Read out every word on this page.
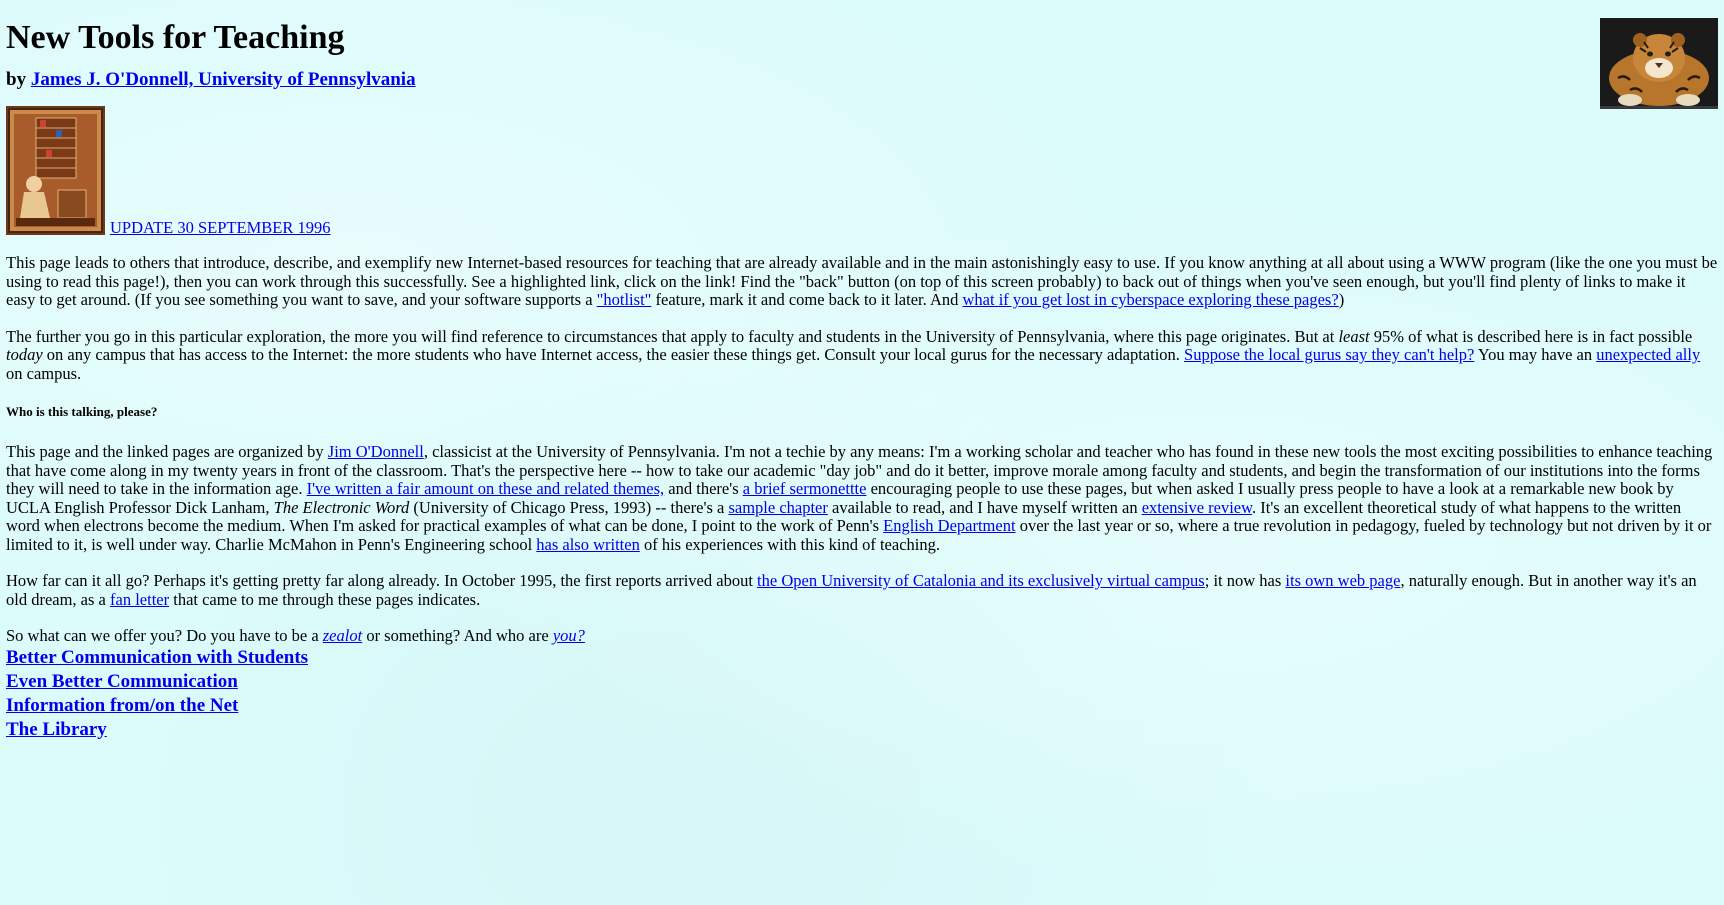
New Tools for Teaching
by James J. O'Donnell, University of Pennsylvania
UPDATE 30 SEPTEMBER 1996

This page leads to others that introduce, describe, and exemplify new Internet-based resources for teaching that are already available and in the main astonishingly easy to use. If you know anything at all about using a WWW program (like the one you must be using to read this page!), then you can work through this successfully. See a highlighted link, click on the link! Find the "back" button (on top of this screen probably) to back out of things when you've seen enough, but you'll find plenty of links to make it easy to get around. (If you see something you want to save, and your software supports a "hotlist" feature, mark it and come back to it later. And what if you get lost in cyberspace exploring these pages?)

The further you go in this particular exploration, the more you will find reference to circumstances that apply to faculty and students in the University of Pennsylvania, where this page originates. But at least 95% of what is described here is in fact possible today on any campus that has access to the Internet: the more students who have Internet access, the easier these things get. Consult your local gurus for the necessary adaptation. Suppose the local gurus say they can't help? You may have an unexpected ally on campus.

Who is this talking, please?

This page and the linked pages are organized by Jim O'Donnell, classicist at the University of Pennsylvania. I'm not a techie by any means: I'm a working scholar and teacher who has found in these new tools the most exciting possibilities to enhance teaching that have come along in my twenty years in front of the classroom. That's the perspective here -- how to take our academic "day job" and do it better, improve morale among faculty and students, and begin the transformation of our institutions into the forms they will need to take in the information age. I've written a fair amount on these and related themes, and there's a brief sermonettte encouraging people to use these pages, but when asked I usually press people to have a look at a remarkable new book by UCLA English Professor Dick Lanham, The Electronic Word (University of Chicago Press, 1993) -- there's a sample chapter available to read, and I have myself written an extensive review. It's an excellent theoretical study of what happens to the written word when electrons become the medium. When I'm asked for practical examples of what can be done, I point to the work of Penn's English Department over the last year or so, where a true revolution in pedagogy, fueled by technology but not driven by it or limited to it, is well under way. Charlie McMahon in Penn's Engineering school has also written of his experiences with this kind of teaching.

How far can it all go? Perhaps it's getting pretty far along already. In October 1995, the first reports arrived about the Open University of Catalonia and its exclusively virtual campus; it now has its own web page, naturally enough. But in another way it's an old dream, as a fan letter that came to me through these pages indicates.

So what can we offer you? Do you have to be a zealot or something? And who are you?

Better Communication with Students
Even Better Communication
Information from/on the Net
The Library
